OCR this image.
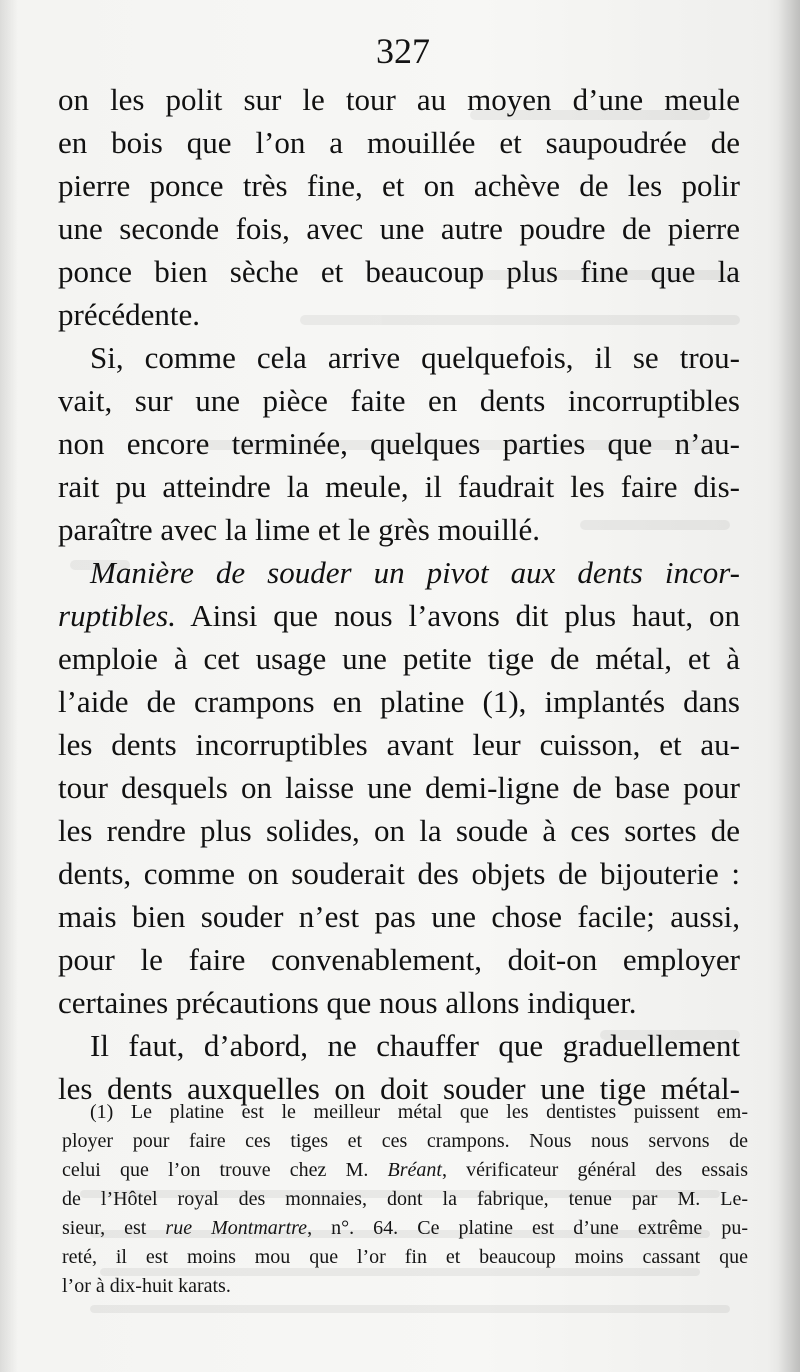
327
on les polit sur le tour au moyen d’une meule
en bois que l’on a mouillée et saupoudrée de
pierre ponce très fine, et on achève de les polir
une seconde fois, avec une autre poudre de pierre
ponce bien sèche et beaucoup plus fine que la
précédente.
Si, comme cela arrive quelquefois, il se trou-
vait, sur une pièce faite en dents incorruptibles
non encore terminée, quelques parties que n’au-
rait pu atteindre la meule, il faudrait les faire dis-
paraître avec la lime et le grès mouillé.
Manière de souder un pivot aux dents incor-
ruptibles. Ainsi que nous l’avons dit plus haut, on
emploie à cet usage une petite tige de métal, et à
l’aide de crampons en platine (1), implantés dans
les dents incorruptibles avant leur cuisson, et au-
tour desquels on laisse une demi-ligne de base pour
les rendre plus solides, on la soude à ces sortes de
dents, comme on souderait des objets de bijouterie :
mais bien souder n’est pas une chose facile; aussi,
pour le faire convenablement, doit-on employer
certaines précautions que nous allons indiquer.
Il faut, d’abord, ne chauffer que graduellement
les dents auxquelles on doit souder une tige métal-
(1) Le platine est le meilleur métal que les dentistes puissent em-
ployer pour faire ces tiges et ces crampons. Nous nous servons de
celui que l’on trouve chez M. Bréant, vérificateur général des essais
de l’Hôtel royal des monnaies, dont la fabrique, tenue par M. Le-
sieur, est rue Montmartre, n°. 64. Ce platine est d’une extrême pu-
reté, il est moins mou que l’or fin et beaucoup moins cassant que
l’or à dix-huit karats.
